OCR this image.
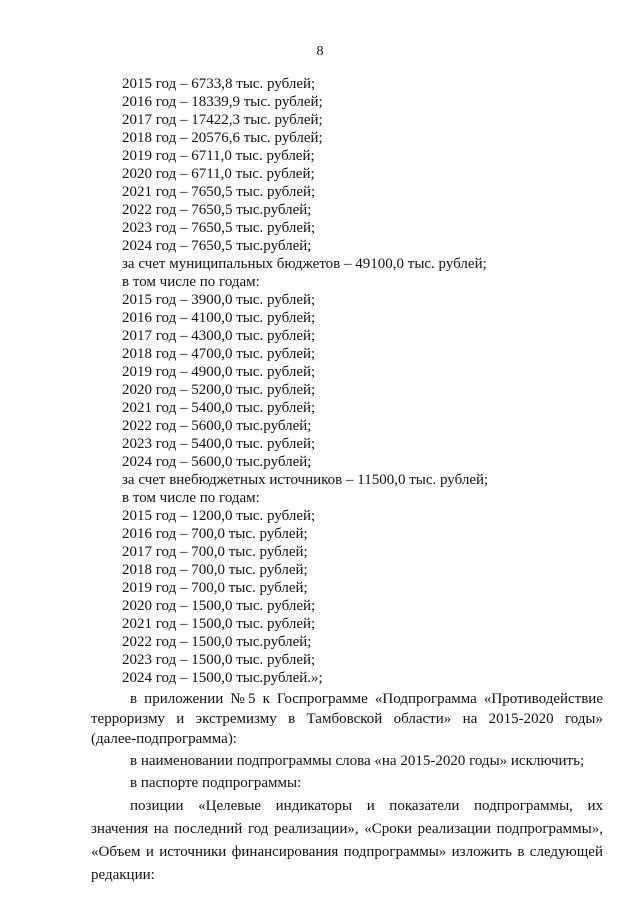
8
2015 год – 6733,8 тыс. рублей;
2016 год – 18339,9 тыс. рублей;
2017 год – 17422,3 тыс. рублей;
2018 год – 20576,6 тыс. рублей;
2019 год – 6711,0 тыс. рублей;
2020 год – 6711,0 тыс. рублей;
2021 год – 7650,5 тыс. рублей;
2022 год – 7650,5 тыс.рублей;
2023 год – 7650,5 тыс. рублей;
2024 год – 7650,5 тыс.рублей;
за счет муниципальных бюджетов – 49100,0 тыс. рублей;
в том числе по годам:
2015 год – 3900,0 тыс. рублей;
2016 год – 4100,0 тыс. рублей;
2017 год – 4300,0 тыс. рублей;
2018 год – 4700,0 тыс. рублей;
2019 год – 4900,0 тыс. рублей;
2020 год – 5200,0 тыс. рублей;
2021 год – 5400,0 тыс. рублей;
2022 год – 5600,0 тыс.рублей;
2023 год – 5400,0 тыс. рублей;
2024 год – 5600,0 тыс.рублей;
за счет внебюджетных источников – 11500,0 тыс. рублей;
в том числе по годам:
2015 год – 1200,0 тыс. рублей;
2016 год – 700,0 тыс. рублей;
2017 год – 700,0 тыс. рублей;
2018 год – 700,0 тыс. рублей;
2019 год – 700,0 тыс. рублей;
2020 год – 1500,0 тыс. рублей;
2021 год – 1500,0 тыс. рублей;
2022 год – 1500,0 тыс.рублей;
2023 год – 1500,0 тыс. рублей;
2024 год – 1500,0 тыс.рублей.»;
в приложении №5 к Госпрограмме «Подпрограмма «Противодействие
терроризму и экстремизму в Тамбовской области» на 2015-2020 годы»
(далее-подпрограмма):
в наименовании подпрограммы слова «на 2015-2020 годы» исключить;
в паспорте подпрограммы:
позиции «Целевые индикаторы и показатели подпрограммы, их
значения на последний год реализации», «Сроки реализации подпрограммы»,
«Объем и источники финансирования подпрограммы» изложить в следующей
редакции:
